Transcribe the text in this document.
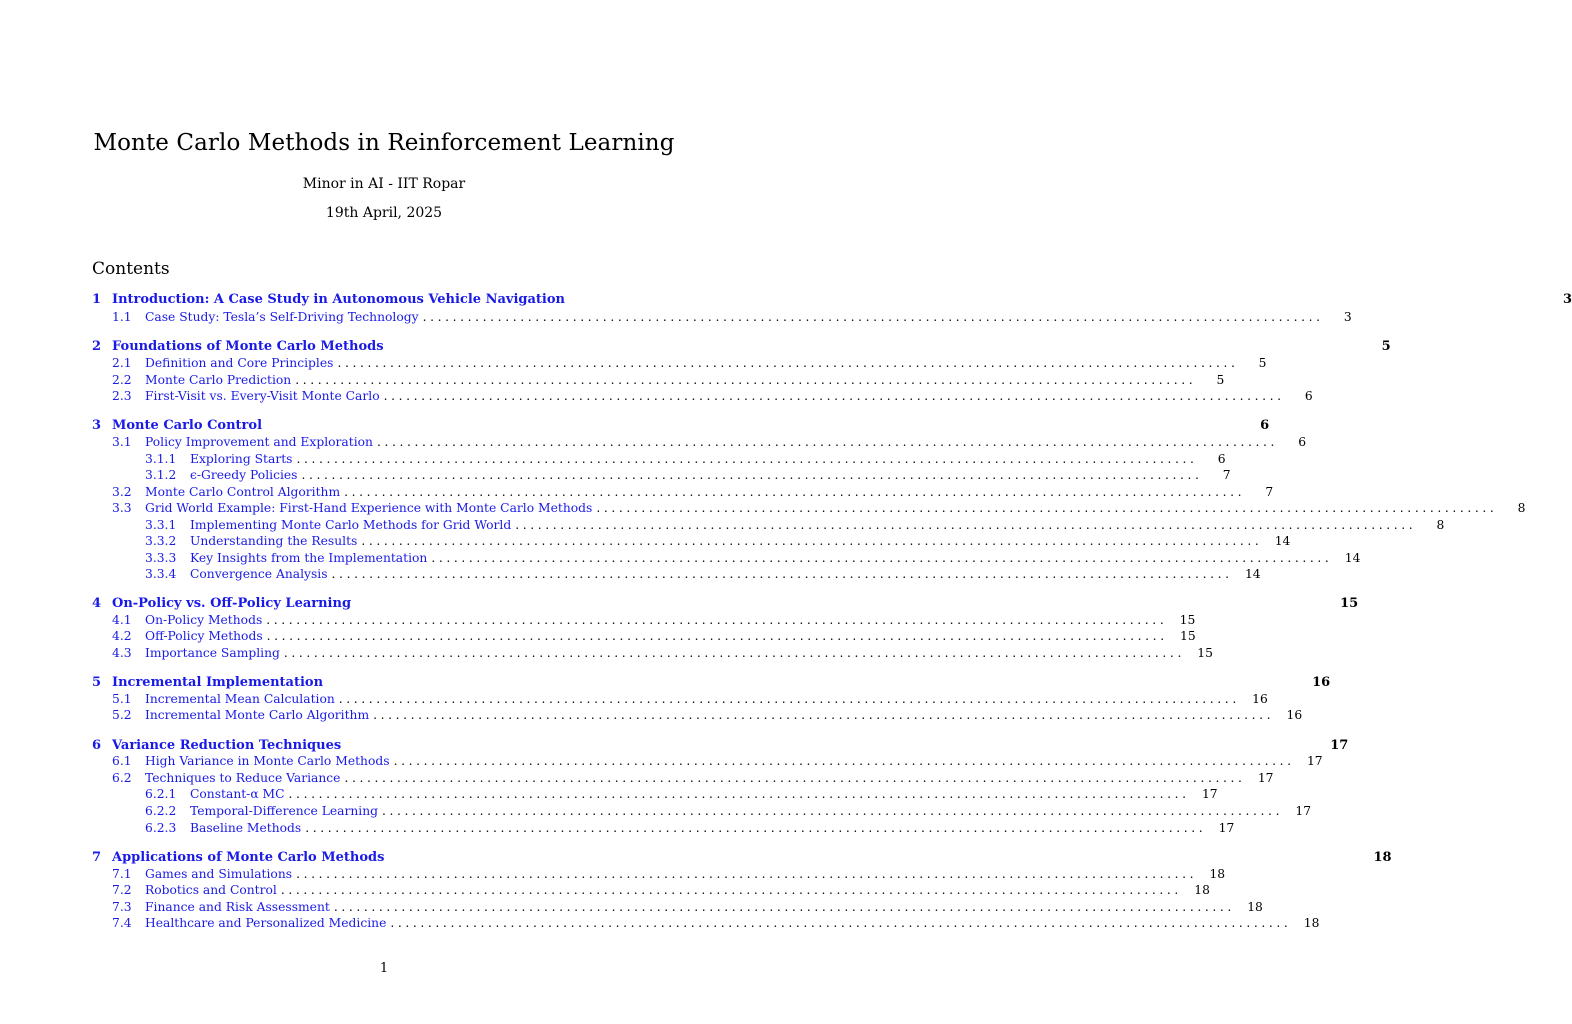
Monte Carlo Methods in Reinforcement Learning
Minor in AI - IIT Ropar
19th April, 2025
Contents
1 Introduction: A Case Study in Autonomous Vehicle Navigation	3
1.1	Case Study: Tesla’s Self-Driving Technology ........................................................................................................................	3
2 Foundations of Monte Carlo Methods	5
2.1	Definition and Core Principles ........................................................................................................................	5
2.2	Monte Carlo Prediction ........................................................................................................................	5
2.3	First-Visit vs. Every-Visit Monte Carlo ........................................................................................................................	6
3 Monte Carlo Control	6
3.1	Policy Improvement and Exploration ........................................................................................................................	6
3.1.1	Exploring Starts ........................................................................................................................	6
3.1.2	ϵ-Greedy Policies ........................................................................................................................	7
3.2	Monte Carlo Control Algorithm ........................................................................................................................	7
3.3	Grid World Example: First-Hand Experience with Monte Carlo Methods ........................................................................................................................	8
3.3.1	Implementing Monte Carlo Methods for Grid World ........................................................................................................................	8
3.3.2	Understanding the Results ........................................................................................................................	14
3.3.3	Key Insights from the Implementation ........................................................................................................................	14
3.3.4	Convergence Analysis ........................................................................................................................	14
4 On-Policy vs. Off-Policy Learning	15
4.1	On-Policy Methods ........................................................................................................................	15
4.2	Off-Policy Methods ........................................................................................................................	15
4.3	Importance Sampling ........................................................................................................................	15
5 Incremental Implementation	16
5.1	Incremental Mean Calculation ........................................................................................................................	16
5.2	Incremental Monte Carlo Algorithm ........................................................................................................................	16
6 Variance Reduction Techniques	17
6.1	High Variance in Monte Carlo Methods ........................................................................................................................	17
6.2	Techniques to Reduce Variance ........................................................................................................................	17
6.2.1	Constant-α MC ........................................................................................................................	17
6.2.2	Temporal-Difference Learning ........................................................................................................................	17
6.2.3	Baseline Methods ........................................................................................................................	17
7 Applications of Monte Carlo Methods	18
7.1	Games and Simulations ........................................................................................................................	18
7.2	Robotics and Control ........................................................................................................................	18
7.3	Finance and Risk Assessment ........................................................................................................................	18
7.4	Healthcare and Personalized Medicine ........................................................................................................................	18
1
